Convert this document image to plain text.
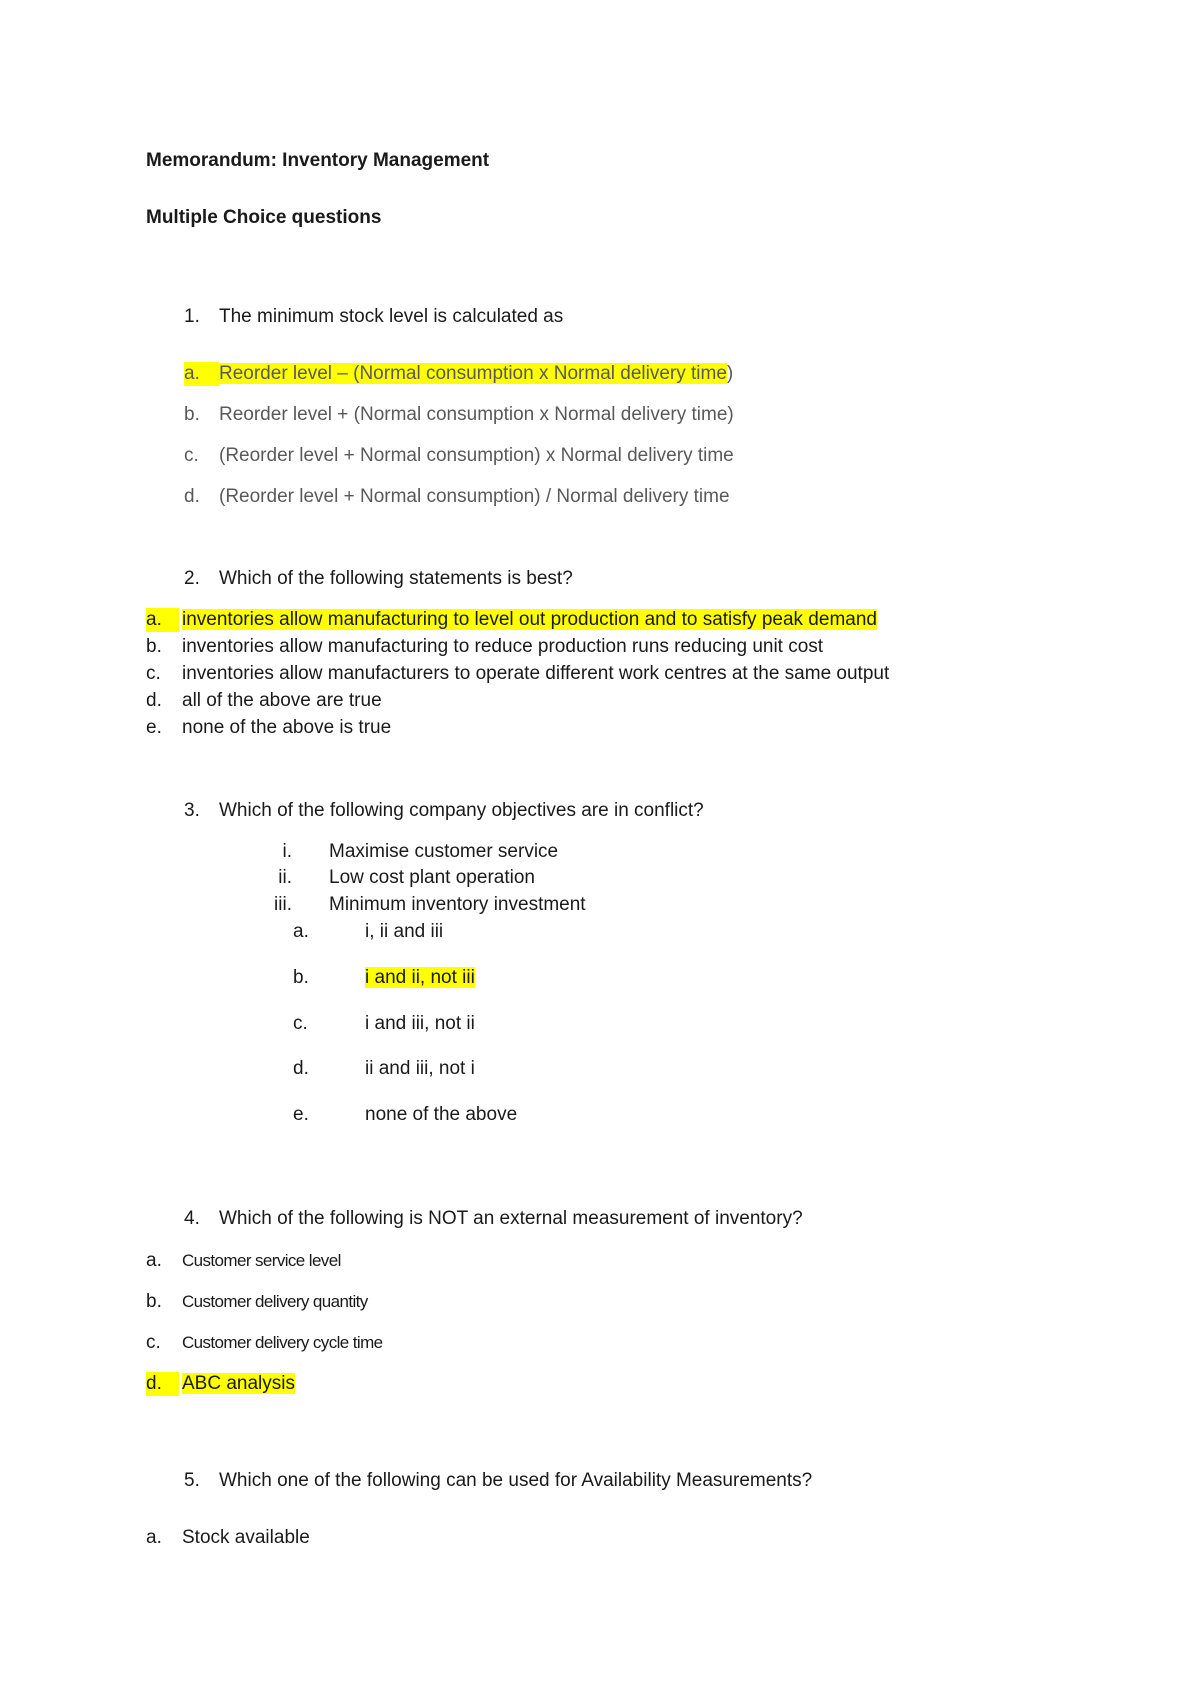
Memorandum: Inventory Management
Multiple Choice questions
1. The minimum stock level is calculated as
a.	Reorder level – (Normal consumption x Normal delivery time)
b. Reorder level + (Normal consumption x Normal delivery time)
c. (Reorder level + Normal consumption) x Normal delivery time
d. (Reorder level + Normal consumption) / Normal delivery time
2. Which of the following statements is best?
a.	inventories allow manufacturing to level out production and to satisfy peak demand
b. inventories allow manufacturing to reduce production runs reducing unit cost
c. inventories allow manufacturers to operate different work centres at the same output
d. all of the above are true
e. none of the above is true
3. Which of the following company objectives are in conflict?
i. Maximise customer service
ii. Low cost plant operation
iii. Minimum inventory investment
a.	i, ii and iii
b.	i and ii, not iii
c.	i and iii, not ii
d.	ii and iii, not i
e.	none of the above
4. Which of the following is NOT an external measurement of inventory?
a. Customer service level
b. Customer delivery quantity
c. Customer delivery cycle time
d.	ABC analysis
5. Which one of the following can be used for Availability Measurements?
a. Stock available
